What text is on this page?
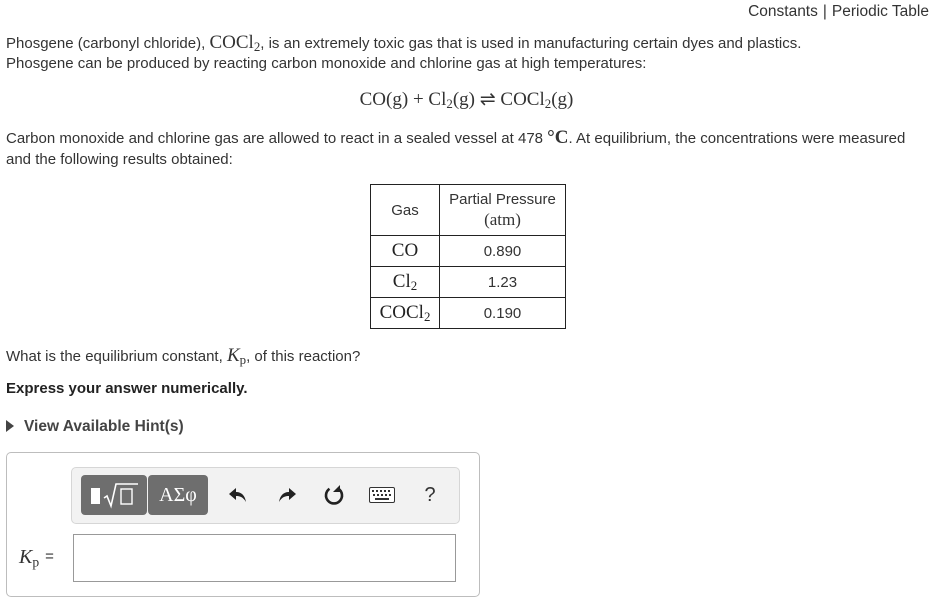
Constants | Periodic Table
Phosgene (carbonyl chloride), COCl$_2$, is an extremely toxic gas that is used in manufacturing certain dyes and plastics.
Phosgene can be produced by reacting carbon monoxide and chlorine gas at high temperatures:
$CO(g) + Cl_2(g)$ ⇌ COCl$_2$(g)
Carbon monoxide and chlorine gas are allowed to react in a sealed vessel at 478 °C. At equilibrium, the concentrations were measured and the following results obtained:
Gas	Partial Pressure
(atm)
CO	0.890
$Cl_2$	1.23
COCl$_2$	0.190
What is the equilibrium constant, $K_p$, of this reaction?
Express your answer numerically.
View Available Hint(s)
ΑΣφ	?
$K_p$ =
